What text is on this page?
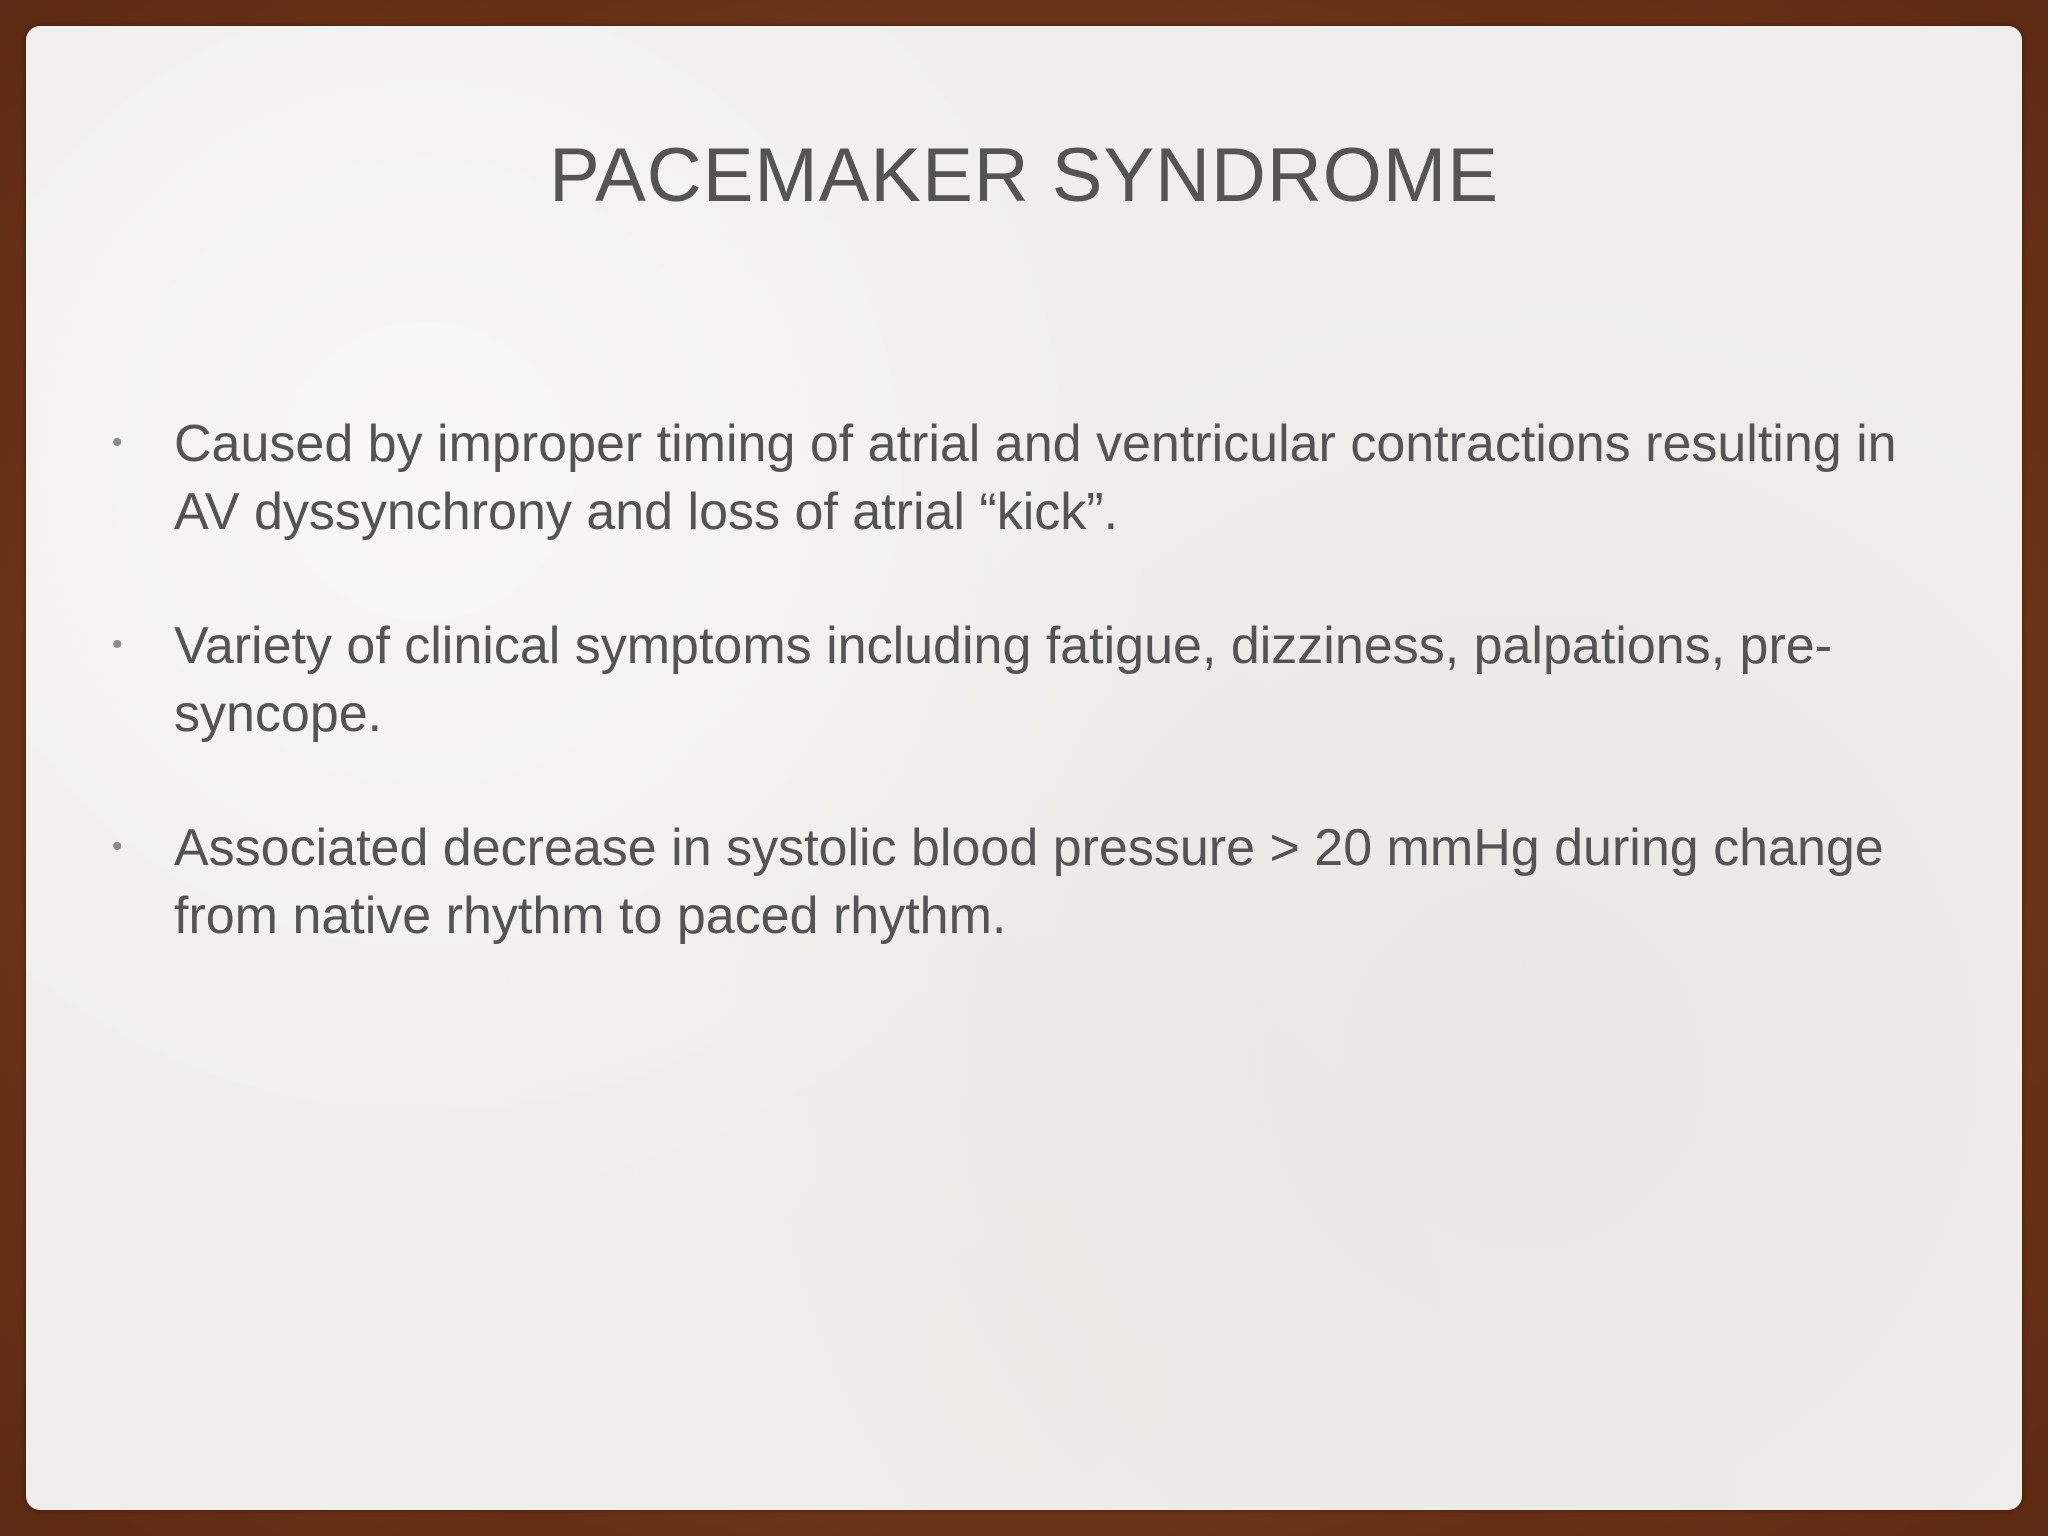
PACEMAKER SYNDROME
• Caused by improper timing of atrial and ventricular contractions resulting in AV dyssynchrony and loss of atrial “kick”.
• Variety of clinical symptoms including fatigue, dizziness, palpations, pre-syncope.
• Associated decrease in systolic blood pressure > 20 mmHg during change from native rhythm to paced rhythm.
